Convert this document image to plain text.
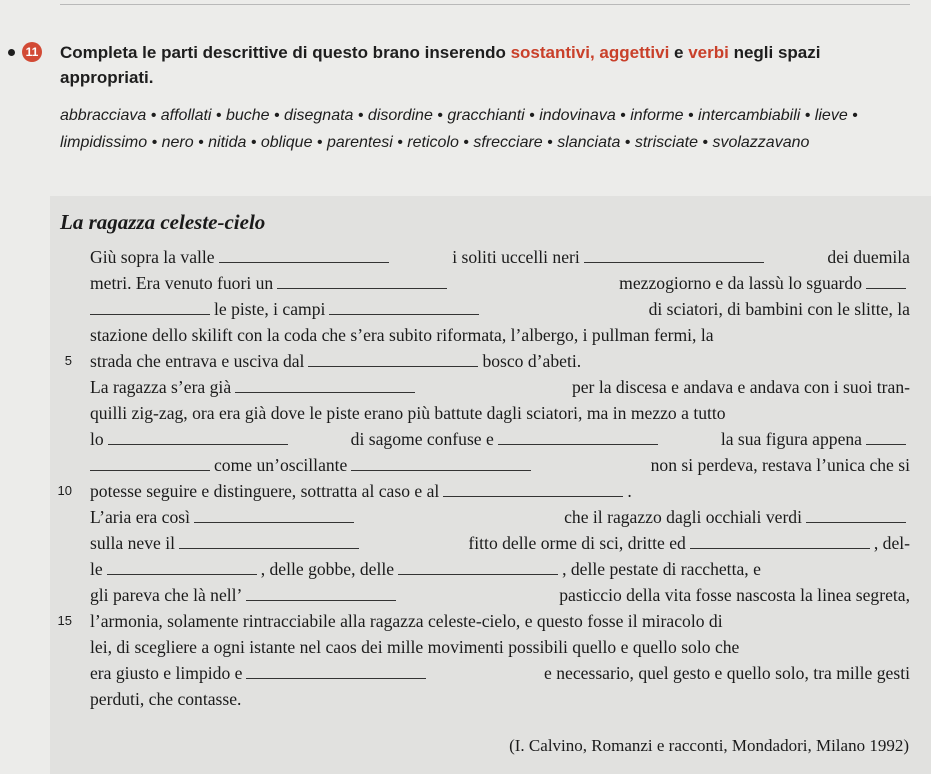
11 Completa le parti descrittive di questo brano inserendo sostantivi, aggettivi e verbi negli spazi appropriati.
abbracciava • affollati • buche • disegnata • disordine • gracchianti • indovinava • informe • intercambiabili • lieve • limpidissimo • nero • nitida • oblique • parentesi • reticolo • sfrecciare • slanciata • strisciate • svolazzavano
La ragazza celeste-cielo
Giù sopra la valle	i soliti uccelli neri	dei duemila
metri. Era venuto fuori un	mezzogiorno e da lassù lo sguardo
le piste, i campi	di sciatori, di bambini con le slitte, la
stazione dello skilift con la coda che s’era subito riformata, l’albergo, i pullman fermi, la
5 strada che entrava e usciva dal	bosco d’abeti.
La ragazza s’era già	per la discesa e andava e andava con i suoi tran-
quilli zig-zag, ora era già dove le piste erano più battute dagli sciatori, ma in mezzo a tutto
lo	di sagome confuse e	la sua figura appena
come un’oscillante	non si perdeva, restava l’unica che si
10 potesse seguire e distinguere, sottratta al caso e al	.
L’aria era così	che il ragazzo dagli occhiali verdi
sulla neve il	fitto delle orme di sci, dritte ed	, del-
le	, delle gobbe, delle	, delle pestate di racchetta, e
gli pareva che là nell’	pasticcio della vita fosse nascosta la linea segreta,
15 l’armonia, solamente rintracciabile alla ragazza celeste-cielo, e questo fosse il miracolo di
lei, di scegliere a ogni istante nel caos dei mille movimenti possibili quello e quello solo che
era giusto e limpido e	e necessario, quel gesto e quello solo, tra mille gesti
perduti, che contasse.
(I. Calvino, Romanzi e racconti, Mondadori, Milano 1992)
